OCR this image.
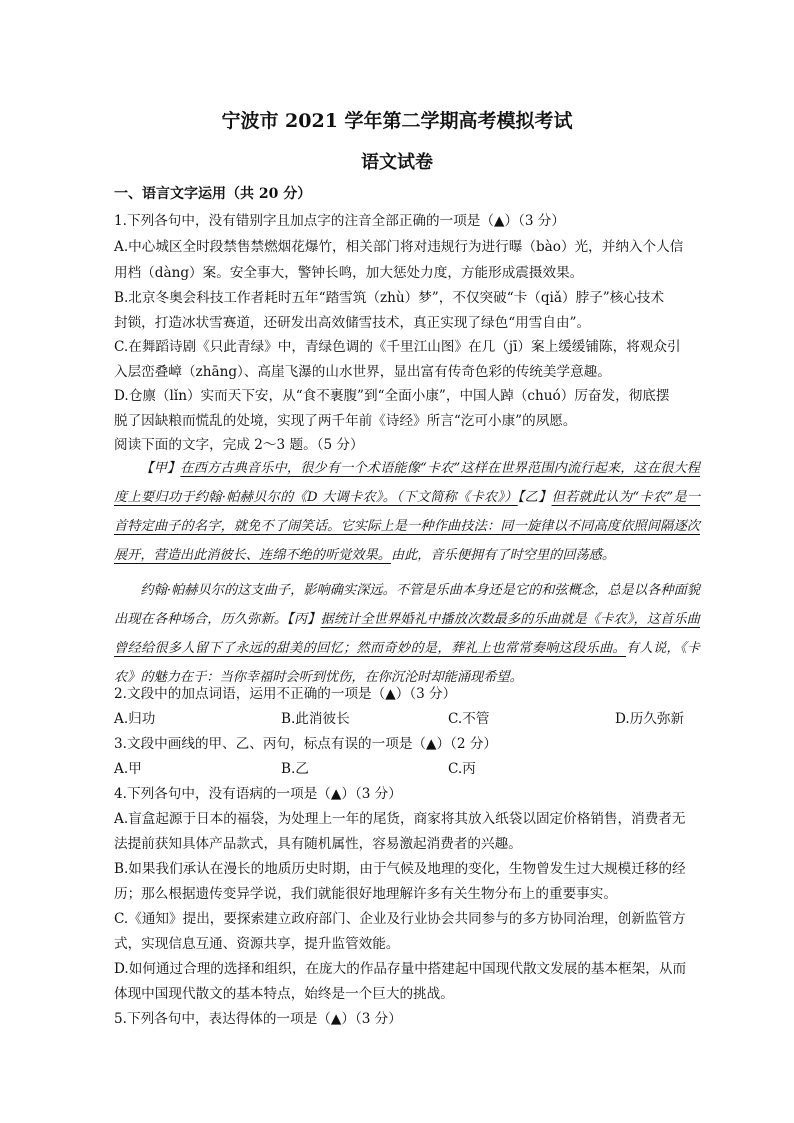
宁波市 2021 学年第二学期高考模拟考试
语文试卷
一、语言文字运用（共 20 分）
1.下列各句中，没有错别字且加点字的注音全部正确的一项是（▲）（3 分）
A.中心城区全时段禁售禁燃烟花爆竹，相关部门将对违规行为进行曝（bào）光，并纳入个人信
用档（dàng）案。安全事大，警钟长鸣，加大惩处力度，方能形成震摄效果。
B.北京冬奥会科技工作者耗时五年“踏雪筑（zhù）梦”，不仅突破“卡（qiǎ）脖子”核心技术
封锁，打造冰状雪赛道，还研发出高效储雪技术，真正实现了绿色“用雪自由”。
C.在舞蹈诗剧《只此青绿》中，青绿色调的《千里江山图》在几（jī）案上缓缓铺陈，将观众引
入层峦叠嶂（zhāng）、高崖飞瀑的山水世界，显出富有传奇色彩的传统美学意趣。
D.仓廪（lǐn）实而天下安，从“食不裹腹”到“全面小康”，中国人踔（chuó）厉奋发，彻底摆
脱了因缺粮而慌乱的处境，实现了两千年前《诗经》所言“汔可小康”的夙愿。
阅读下面的文字，完成 2～3 题。（5 分）
【甲】在西方古典音乐中，很少有一个术语能像“卡农”这样在世界范围内流行起来，这在很大程度上要归功于约翰·帕赫贝尔的《D 大调卡农》。（下文简称《卡农》）【乙】但若就此认为“卡农”是一首特定曲子的名字，就免不了闹笑话。它实际上是一种作曲技法：同一旋律以不同高度依照间隔逐次展开，营造出此消彼长、连绵不绝的听觉效果。由此，音乐便拥有了时空里的回荡感。
约翰·帕赫贝尔的这支曲子，影响确实深远。不管是乐曲本身还是它的和弦概念，总是以各种面貌出现在各种场合，历久弥新。【丙】据统计全世界婚礼中播放次数最多的乐曲就是《卡农》，这首乐曲曾经给很多人留下了永远的甜美的回忆；然而奇妙的是，葬礼上也常常奏响这段乐曲。有人说，《卡农》的魅力在于：当你幸福时会听到忧伤，在你沉沦时却能涌现希望。
2.文段中的加点词语，运用不正确的一项是（▲）（3 分）
A.归功	B.此消彼长	C.不管	D.历久弥新
3.文段中画线的甲、乙、丙句，标点有误的一项是（▲）（2 分）
A.甲	B.乙	C.丙
4.下列各句中，没有语病的一项是（▲）（3 分）
A.盲盒起源于日本的福袋，为处理上一年的尾货，商家将其放入纸袋以固定价格销售，消费者无
法提前获知具体产品款式，具有随机属性，容易激起消费者的兴趣。
B.如果我们承认在漫长的地质历史时期，由于气候及地理的变化，生物曾发生过大规模迁移的经
历；那么根据遗传变异学说，我们就能很好地理解许多有关生物分布上的重要事实。
C.《通知》提出，要探索建立政府部门、企业及行业协会共同参与的多方协同治理，创新监管方
式，实现信息互通、资源共享，提升监管效能。
D.如何通过合理的选择和组织，在庞大的作品存量中搭建起中国现代散文发展的基本框架，从而
体现中国现代散文的基本特点，始终是一个巨大的挑战。
5.下列各句中，表达得体的一项是（▲）（3 分）
